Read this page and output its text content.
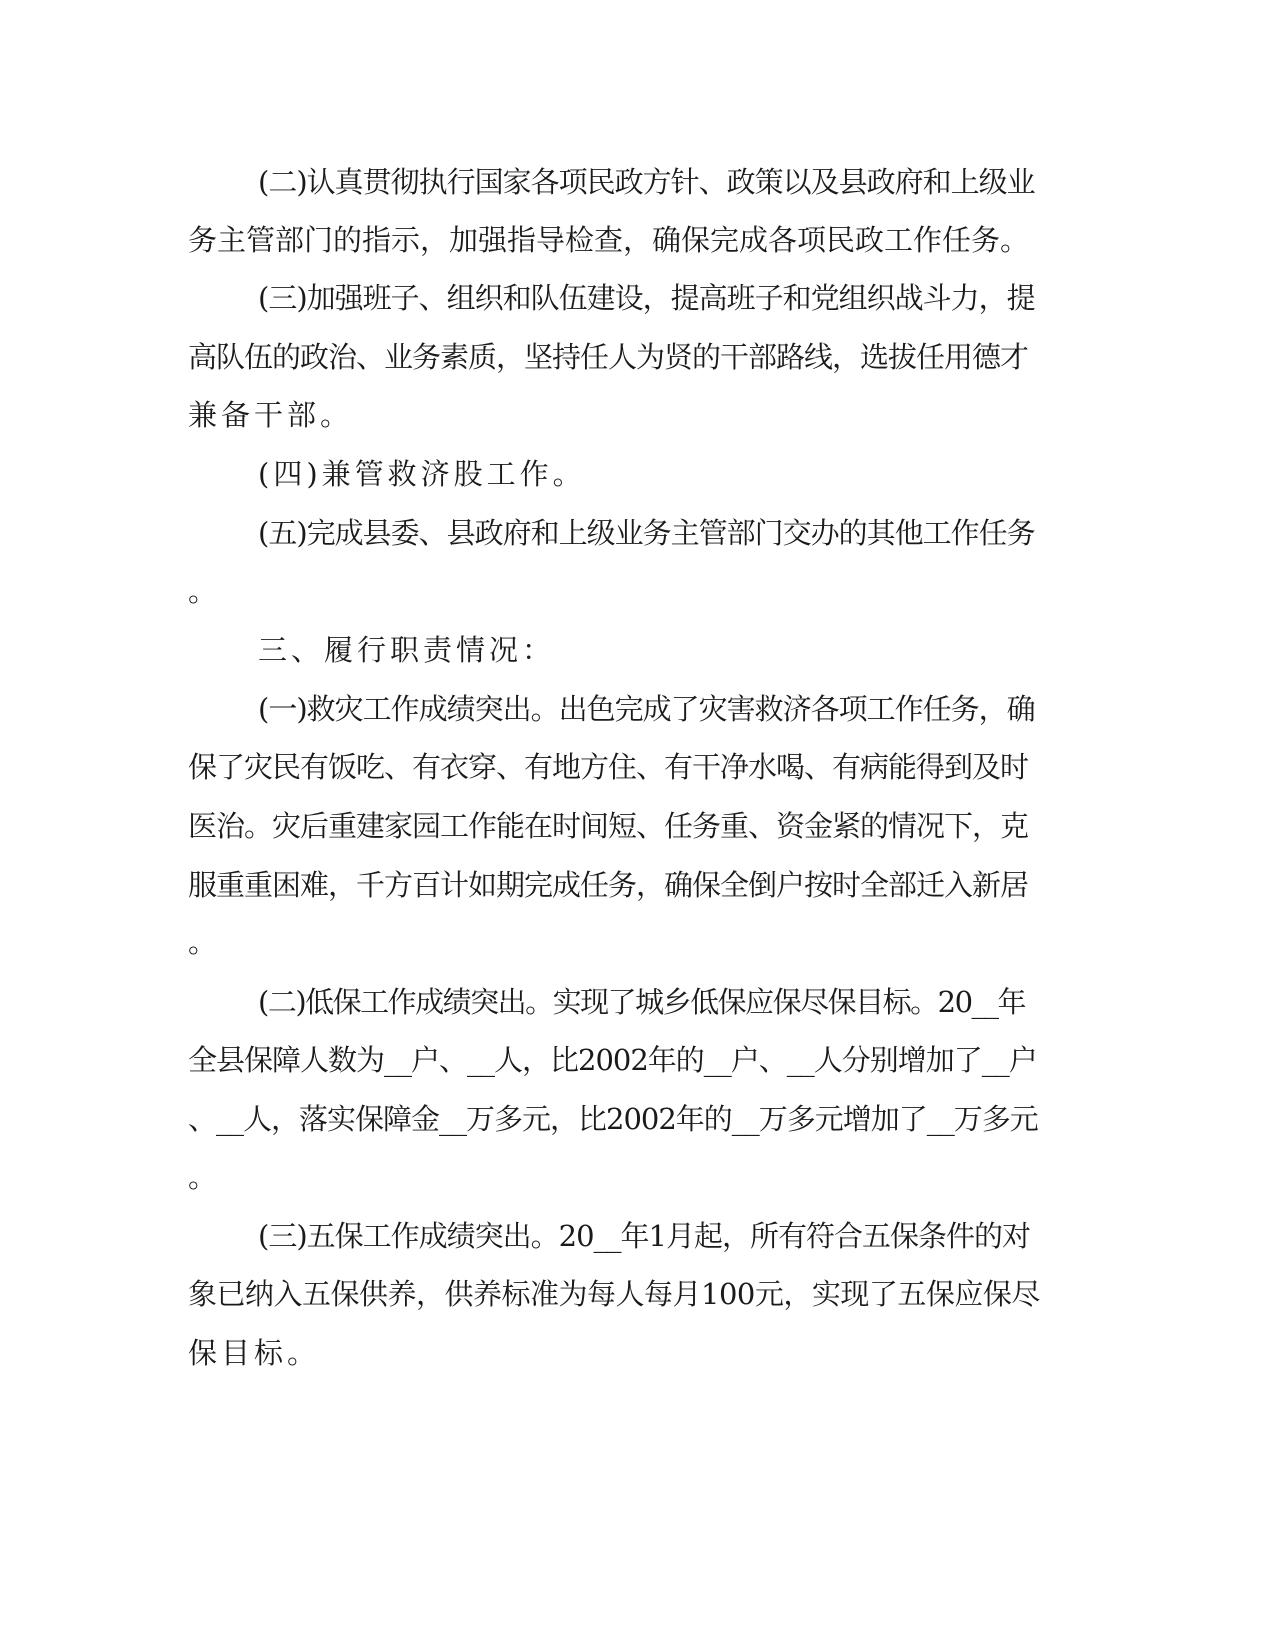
(二)认真贯彻执行国家各项民政方针、政策以及县政府和上级业

务主管部门的指示，加强指导检查，确保完成各项民政工作任务。

(三)加强班子、组织和队伍建设，提高班子和党组织战斗力，提

高队伍的政治、业务素质，坚持任人为贤的干部路线，选拔任用德才

兼备干部。

(四)兼管救济股工作。

(五)完成县委、县政府和上级业务主管部门交办的其他工作任务

。

三、履行职责情况：

(一)救灾工作成绩突出。出色完成了灾害救济各项工作任务，确

保了灾民有饭吃、有衣穿、有地方住、有干净水喝、有病能得到及时

医治。灾后重建家园工作能在时间短、任务重、资金紧的情况下，克

服重重困难，千方百计如期完成任务，确保全倒户按时全部迁入新居

。

(二)低保工作成绩突出。实现了城乡低保应保尽保目标。20__年

全县保障人数为__户、__人，比2002年的__户、__人分别增加了__户

、__人，落实保障金__万多元，比2002年的__万多元增加了__万多元

。

(三)五保工作成绩突出。20__年1月起，所有符合五保条件的对

象已纳入五保供养，供养标准为每人每月100元，实现了五保应保尽

保目标。
